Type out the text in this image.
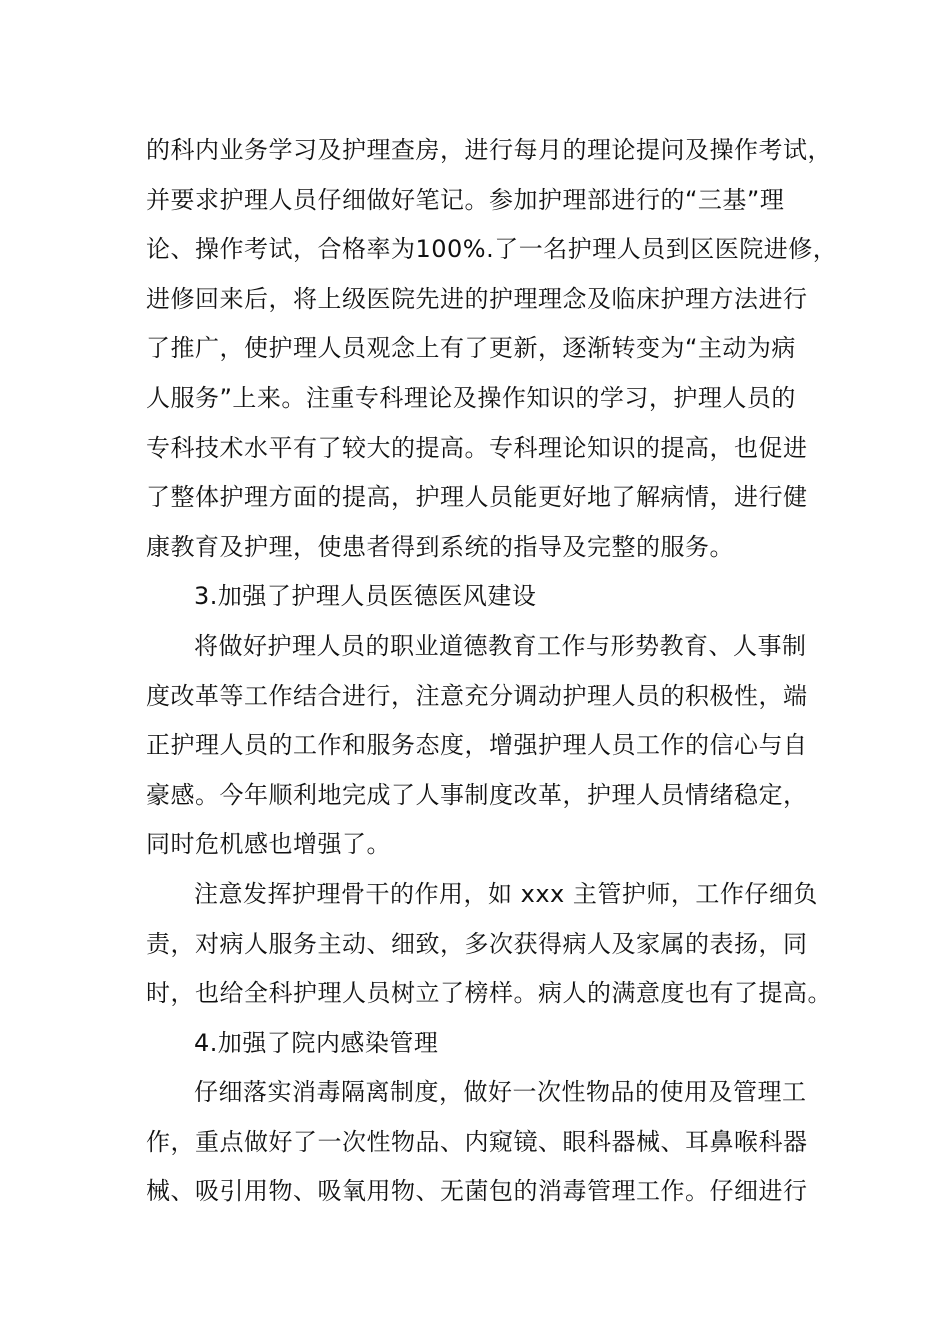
的科内业务学习及护理查房，进行每月的理论提问及操作考试，
并要求护理人员仔细做好笔记。参加护理部进行的“三基”理
论、操作考试，合格率为100%.了一名护理人员到区医院进修，
进修回来后，将上级医院先进的护理理念及临床护理方法进行
了推广，使护理人员观念上有了更新，逐渐转变为“主动为病
人服务”上来。注重专科理论及操作知识的学习，护理人员的
专科技术水平有了较大的提高。专科理论知识的提高，也促进
了整体护理方面的提高，护理人员能更好地了解病情，进行健
康教育及护理，使患者得到系统的指导及完整的服务。
3.加强了护理人员医德医风建设
将做好护理人员的职业道德教育工作与形势教育、人事制
度改革等工作结合进行，注意充分调动护理人员的积极性，端
正护理人员的工作和服务态度，增强护理人员工作的信心与自
豪感。今年顺利地完成了人事制度改革，护理人员情绪稳定，
同时危机感也增强了。
注意发挥护理骨干的作用，如 xxx 主管护师，工作仔细负
责，对病人服务主动、细致，多次获得病人及家属的表扬，同
时，也给全科护理人员树立了榜样。病人的满意度也有了提高。
4.加强了院内感染管理
仔细落实消毒隔离制度，做好一次性物品的使用及管理工
作，重点做好了一次性物品、内窥镜、眼科器械、耳鼻喉科器
械、吸引用物、吸氧用物、无菌包的消毒管理工作。仔细进行
